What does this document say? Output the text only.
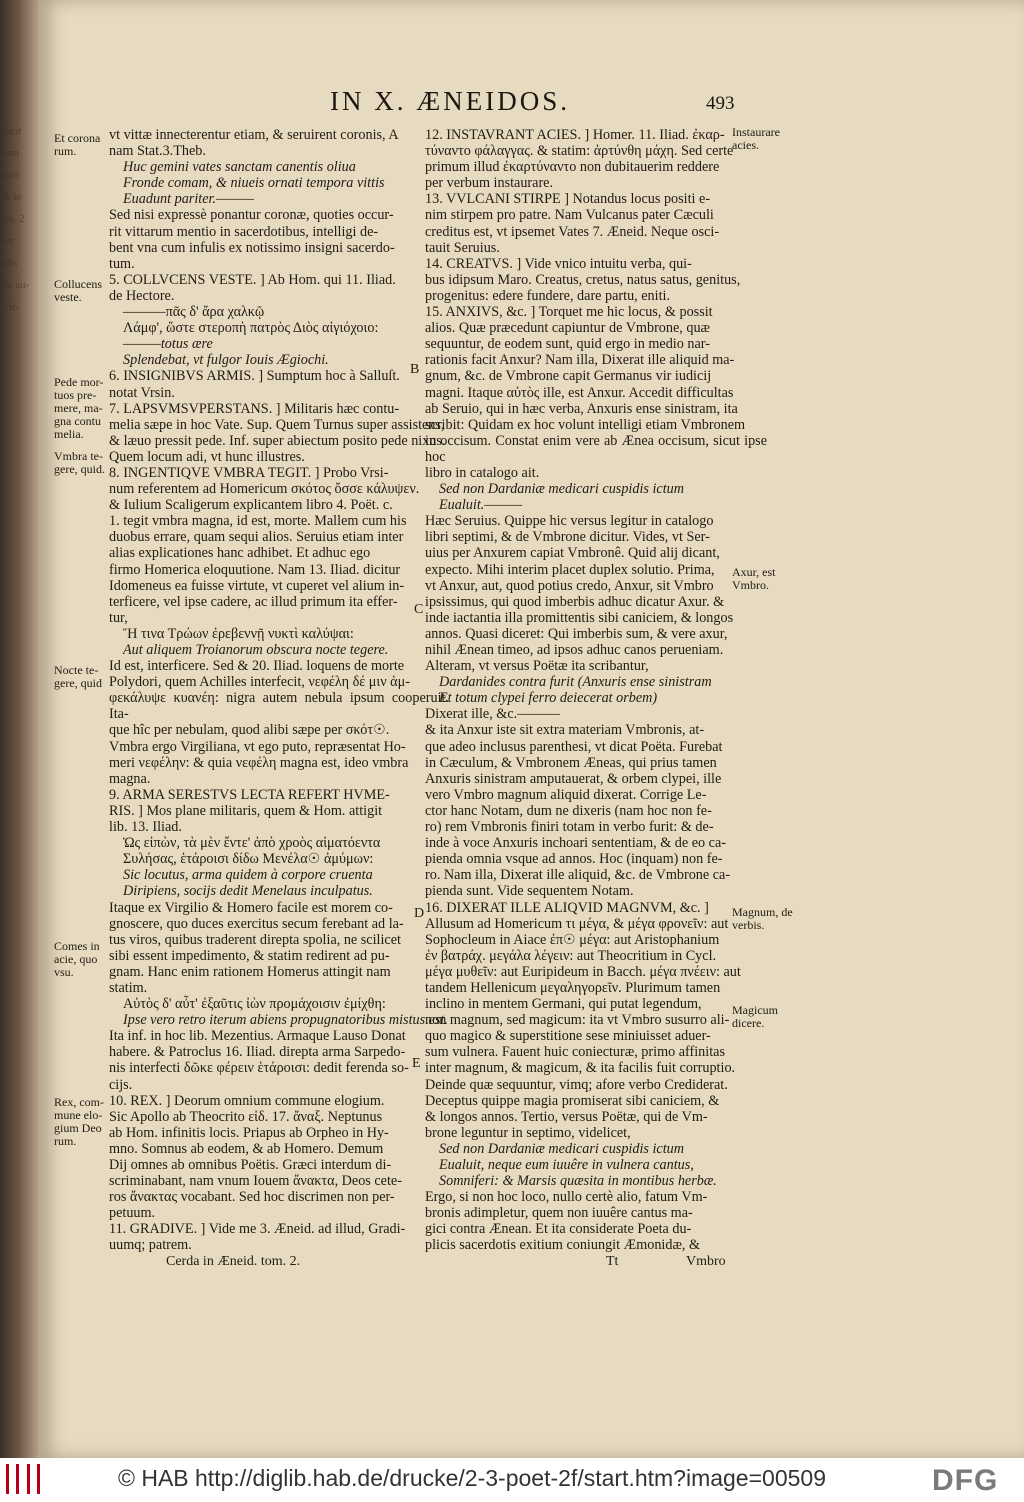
dicit
tum
quo
& le
lib. 2
tur
alis
de au-
Vir-
IN X. ÆNEIDOS.	493

vt vittæ innecterentur etiam, & seruirent coronis, A

nam Stat.3.Theb.

Huc gemini vates sanctam canentis oliua

Fronde comam, & niueis ornati tempora vittis

Euadunt pariter.———

Sed nisi expressè ponantur coronæ, quoties occur-

rit vittarum mentio in sacerdotibus, intelligi de-

bent vna cum infulis ex notissimo insigni sacerdo-

tum.

5. COLLVCENS VESTE. ] Ab Hom. qui 11. Iliad.

de Hectore.

———πᾶς δ' ἄρα χαλκῷ

Λάμφ', ὥστε στεροπὴ πατρὸς Διὸς αἰγιόχοιο:

———totus ære

Splendebat, vt fulgor Iouis Ægiochi.

6. INSIGNIBVS ARMIS. ] Sumptum hoc à Salluſt.

notat Vrsin.

7. LAPSVMSVPERSTANS. ] Militaris hæc contu-

melia sæpe in hoc Vate. Sup. Quem Turnus super assistens,

& læuo pressit pede. Inf. super abiectum posito pede nixus.

Quem locum adi, vt hunc illustres.

8. INGENTIQVE VMBRA TEGIT. ] Probo Vrsi-

num referentem ad Homericum σκότος ὄσσε κάλυψεν.

& Iulium Scaligerum explicantem libro 4. Poët. c.

1. tegit vmbra magna, id est, morte. Mallem cum his

duobus errare, quam sequi alios. Seruius etiam inter

alias explicationes hanc adhibet. Et adhuc ego

firmo Homerica eloquutione. Nam 13. Iliad. dicitur

Idomeneus ea fuisse virtute, vt cuperet vel alium in-

terficere, vel ipse cadere, ac illud primum ita effer-

tur,

Ἤ τινα Τρώων ἐρεβεννῇ νυκτὶ καλύψαι:

Aut aliquem Troianorum obscura nocte tegere.

Id est, interficere. Sed & 20. Iliad. loquens de morte

Polydori, quem Achilles interfecit, νεφέλη δέ μιν ἀμ-

φεκάλυψε κυανέη: nigra autem nebula ipsum cooperuit. Ita-

que hîc per nebulam, quod alibi sæpe per σκότ☉.

Vmbra ergo Virgiliana, vt ego puto, repræsentat Ho-

meri νεφέλην: & quia νεφέλη magna est, ideo vmbra

magna.

9. ARMA SERESTVS LECTA REFERT HVME-

RIS. ] Mos plane militaris, quem & Hom. attigit

lib. 13. Iliad.

Ὡς εἰπὼν, τὰ μὲν ἔντε' ἀπὸ χροὸς αἱματόεντα

Συλήσας, ἑτάροισι δίδω Μενέλα☉ ἀμύμων:

Sic locutus, arma quidem à corpore cruenta

Diripiens, socijs dedit Menelaus inculpatus.

Itaque ex Virgilio & Homero facile est morem co-

gnoscere, quo duces exercitus secum ferebant ad la-

tus viros, quibus traderent direpta spolia, ne scilicet

sibi essent impedimento, & statim redirent ad pu-

gnam. Hanc enim rationem Homerus attingit nam

statim.

Αὐτὸς δ' αὖτ' ἐξαῦτις ἰὼν προμάχοισιν ἐμίχθη:

Ipse vero retro iterum abiens propugnatoribus mistus est.

Ita inf. in hoc lib. Mezentius. Armaque Lauso Donat

habere. & Patroclus 16. Iliad. direpta arma Sarpedo-

nis interfecti δῶκε φέρειν ἑτάροισι: dedit ferenda so-

cijs.

10. REX. ] Deorum omnium commune elogium.

Sic Apollo ab Theocrito εἰδ. 17. ἄναξ. Neptunus

ab Hom. infinitis locis. Priapus ab Orpheo in Hy-

mno. Somnus ab eodem, & ab Homero. Demum

Dij omnes ab omnibus Poëtis. Græci interdum di-

scriminabant, nam vnum Iouem ἄνακτα, Deos cete-

ros ἄνακτας vocabant. Sed hoc discrimen non per-

petuum.

11. GRADIVE. ] Vide me 3. Æneid. ad illud, Gradi-

uumq; patrem.

12. INSTAVRANT ACIES. ] Homer. 11. Iliad. ἐκαρ-

τύναντο φάλαγγας. & statim: ἀρτύνθη μάχη. Sed certe

primum illud ἐκαρτύναντο non dubitauerim reddere

per verbum instaurare.

13. VVLCANI STIRPE ] Notandus locus positi e-

nim stirpem pro patre. Nam Vulcanus pater Cæculi

creditus est, vt ipsemet Vates 7. Æneid. Neque osci-

tauit Seruius.

14. CREATVS. ] Vide vnico intuitu verba, qui-

bus idipsum Maro. Creatus, cretus, natus satus, genitus,

progenitus: edere fundere, dare partu, eniti.

15. ANXIVS, &c. ] Torquet me hic locus, & possit

alios. Quæ præcedunt capiuntur de Vmbrone, quæ

sequuntur, de eodem sunt, quid ergo in medio nar-

rationis facit Anxur? Nam illa, Dixerat ille aliquid ma-

gnum, &c. de Vmbrone capit Germanus vir iudicij

magni. Itaque αὐτὸς ille, est Anxur. Accedit difficultas

ab Seruio, qui in hæc verba, Anxuris ense sinistram, ita

scribit: Quidam ex hoc volunt intelligi etiam Vmbronem

in occisum. Constat enim vere ab Ænea occisum, sicut ipse hoc

libro in catalogo ait.

Sed non Dardaniæ medicari cuspidis ictum

Eualuit.———

Hæc Seruius. Quippe hic versus legitur in catalogo

libri septimi, & de Vmbrone dicitur. Vides, vt Ser-

uius per Anxurem capiat Vmbronê. Quid alij dicant,

expecto. Mihi interim placet duplex solutio. Prima,

vt Anxur, aut, quod potius credo, Anxur, sit Vmbro

ipsissimus, qui quod imberbis adhuc dicatur Axur. &

inde iactantia illa promittentis sibi caniciem, & longos

annos. Quasi diceret: Qui imberbis sum, & vere axur,

nihil Ænean timeo, ad ipsos adhuc canos perueniam.

Alteram, vt versus Poëtæ ita scribantur,

Dardanides contra furit (Anxuris ense sinistram

Et totum clypei ferro deiecerat orbem)

Dixerat ille, &c.———

& ita Anxur iste sit extra materiam Vmbronis, at-

que adeo inclusus parenthesi, vt dicat Poëta. Furebat

in Cæculum, & Vmbronem Æneas, qui prius tamen

Anxuris sinistram amputauerat, & orbem clypei, ille

vero Vmbro magnum aliquid dixerat. Corrige Le-

ctor hanc Notam, dum ne dixeris (nam hoc non fe-

ro) rem Vmbronis finiri totam in verbo furit: & de-

inde à voce Anxuris inchoari sententiam, & de eo ca-

pienda omnia vsque ad annos. Hoc (inquam) non fe-

ro. Nam illa, Dixerat ille aliquid, &c. de Vmbrone ca-

pienda sunt. Vide sequentem Notam.

16. DIXERAT ILLE ALIQVID MAGNVM, &c. ]

Allusum ad Homericum τι μέγα, & μέγα φρονεῖν: aut

Sophocleum in Aiace ἐπ☉ μέγα: aut Aristophanium

ἐν βατράχ. μεγάλα λέγειν: aut Theocritium in Cycl.

μέγα μυθεῖν: aut Euripideum in Bacch. μέγα πνέειν: aut

tandem Hellenicum μεγαληγορεῖν. Plurimum tamen

inclino in mentem Germani, qui putat legendum,

non magnum, sed magicum: ita vt Vmbro susurro ali-

quo magico & superstitione sese miniuisset aduer-

sum vulnera. Fauent huic coniecturæ, primo affinitas

inter magnum, & magicum, & ita facilis fuit corruptio.

Deinde quæ sequuntur, vimq; afore verbo Crediderat.

Deceptus quippe magia promiserat sibi caniciem, &

& longos annos. Tertio, versus Poëtæ, qui de Vm-

brone leguntur in septimo, videlicet,

Sed non Dardaniæ medicari cuspidis ictum

Eualuit, neque eum iuuêre in vulnera cantus,

Somniferi: & Marsis quæsita in montibus herbæ.

Ergo, si non hoc loco, nullo certè alio, fatum Vm-

bronis adimpletur, quem non iuuêre cantus ma-

gici contra Ænean. Et ita considerate Poeta du-

plicis sacerdotis exitium coniungit Æmonidæ, &

Et corona rum.
Collucens veste.
Pede mor- tuos pre- mere, ma- gna contu melia.
Vmbra te- gere, quid.
Nocte te- gere, quid
Comes in acie, quo vsu.
Rex, com- mune elo- gium Deo rum.
Instaurare acies.
Axur, est Vmbro.
Magnum, de verbis.
Magicum dicere.
B
C
D
E
Cerda in Æneid. tom. 2.	Tt	Vmbro
© HAB http://diglib.hab.de/drucke/2-3-poet-2f/start.htm?image=00509	DFG
